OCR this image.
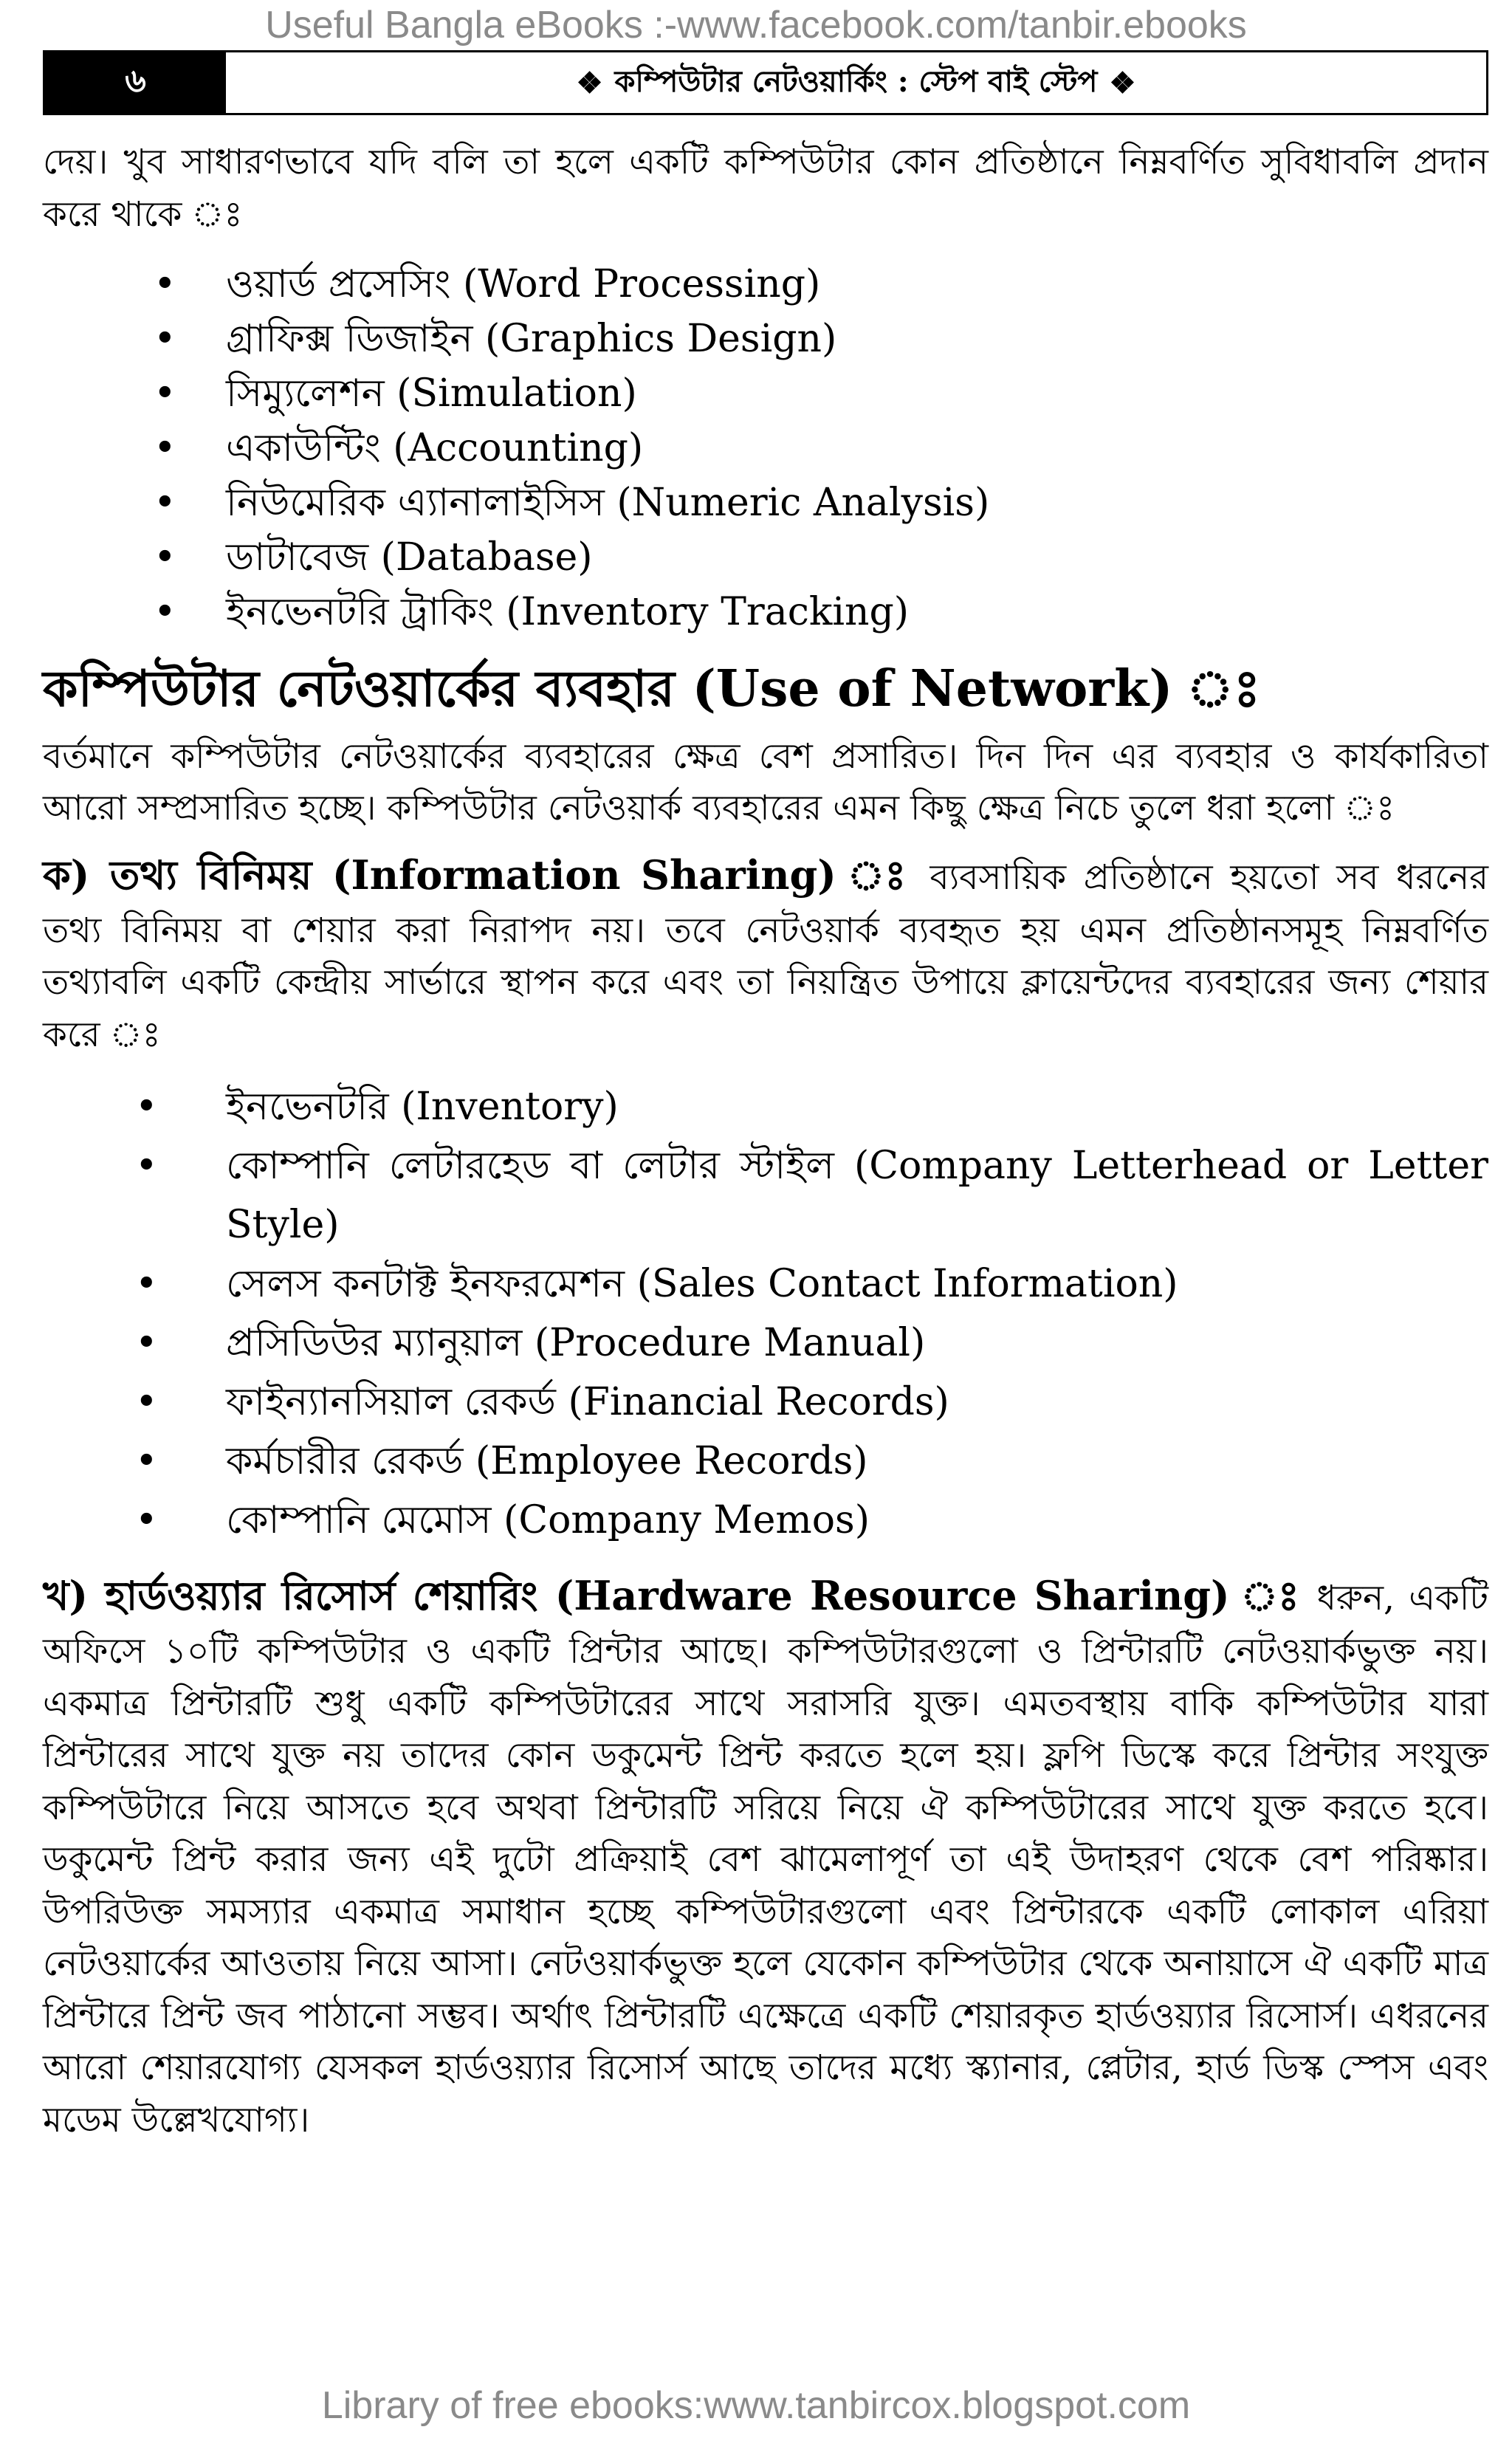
Useful Bangla eBooks :-www.facebook.com/tanbir.ebooks
৬	❖ কম্পিউটার নেটওয়ার্কিং : স্টেপ বাই স্টেপ ❖

দেয়। খুব সাধারণভাবে যদি বলি তা হলে একটি কম্পিউটার কোন প্রতিষ্ঠানে নিম্নবর্ণিত সুবিধাবলি প্রদান করে থাকে ঃ

• ওয়ার্ড প্রসেসিং (Word Processing)
• গ্রাফিক্স ডিজাইন (Graphics Design)
• সিম্যুলেশন (Simulation)
• একাউন্টিং (Accounting)
• নিউমেরিক এ্যানালাইসিস (Numeric Analysis)
• ডাটাবেজ (Database)
• ইনভেনটরি ট্রাকিং (Inventory Tracking)
কম্পিউটার নেটওয়ার্কের ব্যবহার (Use of Network) ঃ

বর্তমানে কম্পিউটার নেটওয়ার্কের ব্যবহারের ক্ষেত্র বেশ প্রসারিত। দিন দিন এর ব্যবহার ও কার্যকারিতা আরো সম্প্রসারিত হচ্ছে। কম্পিউটার নেটওয়ার্ক ব্যবহারের এমন কিছু ক্ষেত্র নিচে তুলে ধরা হলো ঃ

ক) তথ্য বিনিময় (Information Sharing) ঃ ব্যবসায়িক প্রতিষ্ঠানে হয়তো সব ধরনের তথ্য বিনিময় বা শেয়ার করা নিরাপদ নয়। তবে নেটওয়ার্ক ব্যবহৃত হয় এমন প্রতিষ্ঠানসমূহ নিম্নবর্ণিত তথ্যাবলি একটি কেন্দ্রীয় সার্ভারে স্থাপন করে এবং তা নিয়ন্ত্রিত উপায়ে ক্লায়েন্টদের ব্যবহারের জন্য শেয়ার করে ঃ

• ইনভেনটরি (Inventory)
• কোম্পানি লেটারহেড বা লেটার স্টাইল (Company Letterhead or Letter Style)
• সেলস কনটাক্ট ইনফরমেশন (Sales Contact Information)
• প্রসিডিউর ম্যানুয়াল (Procedure Manual)
• ফাইন্যানসিয়াল রেকর্ড (Financial Records)
• কর্মচারীর রেকর্ড (Employee Records)
• কোম্পানি মেমোস (Company Memos)

খ) হার্ডওয়্যার রিসোর্স শেয়ারিং (Hardware Resource Sharing) ঃ ধরুন, একটি অফিসে ১০টি কম্পিউটার ও একটি প্রিন্টার আছে। কম্পিউটারগুলো ও প্রিন্টারটি নেটওয়ার্কভুক্ত নয়। একমাত্র প্রিন্টারটি শুধু একটি কম্পিউটারের সাথে সরাসরি যুক্ত। এমতবস্থায় বাকি কম্পিউটার যারা প্রিন্টারের সাথে যুক্ত নয় তাদের কোন ডকুমেন্ট প্রিন্ট করতে হলে হয়। ফ্লপি ডিস্কে করে প্রিন্টার সংযুক্ত কম্পিউটারে নিয়ে আসতে হবে অথবা প্রিন্টারটি সরিয়ে নিয়ে ঐ কম্পিউটারের সাথে যুক্ত করতে হবে। ডকুমেন্ট প্রিন্ট করার জন্য এই দুটো প্রক্রিয়াই বেশ ঝামেলাপূর্ণ তা এই উদাহরণ থেকে বেশ পরিষ্কার।উপরিউক্ত সমস্যার একমাত্র সমাধান হচ্ছে কম্পিউটারগুলো এবং প্রিন্টারকে একটি লোকাল এরিয়া নেটওয়ার্কের আওতায় নিয়ে আসা। নেটওয়ার্কভুক্ত হলে যেকোন কম্পিউটার থেকে অনায়াসে ঐ একটি মাত্র প্রিন্টারে প্রিন্ট জব পাঠানো সম্ভব। অর্থাৎ প্রিন্টারটি এক্ষেত্রে একটি শেয়ারকৃত হার্ডওয়্যার রিসোর্স। এধরনের আরো শেয়ারযোগ্য যেসকল হার্ডওয়্যার রিসোর্স আছে তাদের মধ্যে স্ক্যানার, প্লেটার, হার্ড ডিস্ক স্পেস এবং মডেম উল্লেখযোগ্য।

Library of free ebooks:www.tanbircox.blogspot.com
